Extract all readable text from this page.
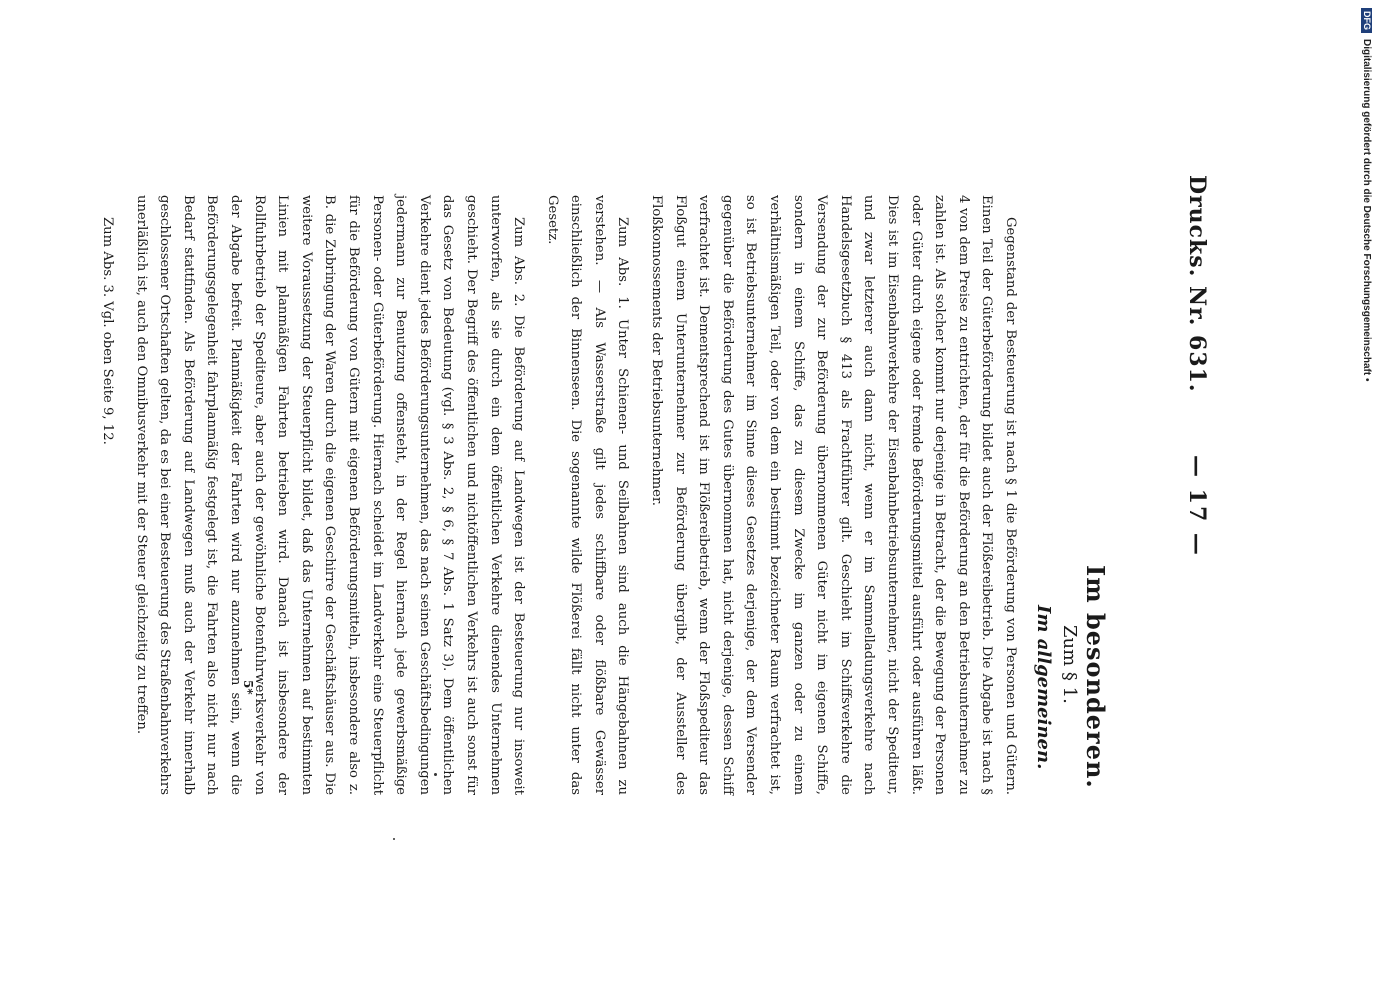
Drucks. Nr. 631.
— 17 —
Im besonderen.
Zum § 1.
Im allgemeinen.

Gegenstand der Besteuerung ist nach § 1 die Beförderung von Personen und Gütern. Einen Teil der Güterbeförderung bildet auch der Flößereibetrieb. Die Abgabe ist nach § 4 von dem Preise zu entrichten, der für die Beförderung an den Betriebsunternehmer zu zahlen ist. Als solcher kommt nur derjenige in Betracht, der die Bewegung der Personen oder Güter durch eigene oder fremde Beförderungsmittel ausführt oder ausführen läßt. Dies ist im Eisenbahnverkehre der Eisenbahnbetriebsunternehmer, nicht der Spediteur, und zwar letzterer auch dann nicht, wenn er im Sammelladungsverkehre nach Handelsgesetzbuch § 413 als Frachtführer gilt. Geschieht im Schiffsverkehre die Versendung der zur Beförderung übernommenen Güter nicht im eigenen Schiffe, sondern in einem Schiffe, das zu diesem Zwecke im ganzen oder zu einem verhältnismäßigen Teil, oder von dem ein bestimmt bezeichneter Raum verfrachtet ist, so ist Betriebsunternehmer im Sinne dieses Gesetzes derjenige, der dem Versender gegenüber die Beförderung des Gutes übernommen hat, nicht derjenige, dessen Schiff verfrachtet ist. Dementsprechend ist im Flößereibetrieb, wenn der Floßspediteur das Floßgut einem Unterunternehmer zur Beförderung übergibt, der Aussteller des Floßkonnossements der Betriebsunternehmer.

Zum Abs. 1. Unter Schienen- und Seilbahnen sind auch die Hängebahnen zu verstehen. — Als Wasserstraße gilt jedes schiffbare oder flößbare Gewässer einschließlich der Binnenseen. Die sogenannte wilde Flößerei fällt nicht unter das Gesetz.

Zum Abs. 2. Die Beförderung auf Landwegen ist der Besteuerung nur insoweit unterworfen, als sie durch ein dem öffentlichen Verkehre dienendes Unternehmen geschieht. Der Begriff des öffentlichen und nichtöffentlichen Verkehrs ist auch sonst für das Gesetz von Bedeutung (vgl. § 3 Abs. 2, § 6, § 7 Abs. 1 Satz 3). Dem öffentlichen Verkehre dient jedes Beförderungsunternehmen, das nach seinen Geschäftsbedingungen jedermann zur Benutzung offensteht, in der Regel hiernach jede gewerbsmäßige Personen- oder Güterbeförderung. Hiernach scheidet im Landverkehr eine Steuerpflicht für die Beförderung von Gütern mit eigenen Beförderungsmitteln, insbesondere also z. B. die Zubringung der Waren durch die eigenen Geschirre der Geschäftshäuser aus. Die weitere Voraussetzung der Steuerpflicht bildet, daß das Unternehmen auf bestimmten Linien mit planmäßigen Fahrten betrieben wird. Danach ist insbesondere der Rollfuhrbetrieb der Spediteure, aber auch der gewöhnliche Botenfuhrwerksverkehr von der Abgabe befreit. Planmäßigkeit der Fahrten wird nur anzunehmen sein, wenn die Beförderungsgelegenheit fahrplanmäßig festgelegt ist, die Fahrten also nicht nur nach Bedarf stattfinden. Als Beförderung auf Landwegen muß auch der Verkehr innerhalb geschlossener Ortschaften gelten, da es bei einer Besteuerung des Straßenbahnverkehrs unerläßlich ist, auch den Omnibusverkehr mit der Steuer gleichzeitig zu treffen.

Zum Abs. 3. Vgl. oben Seite 9, 12.

5*
DFG
Digitalisierung gefördert durch die Deutsche Forschungsgemeinschaft •
